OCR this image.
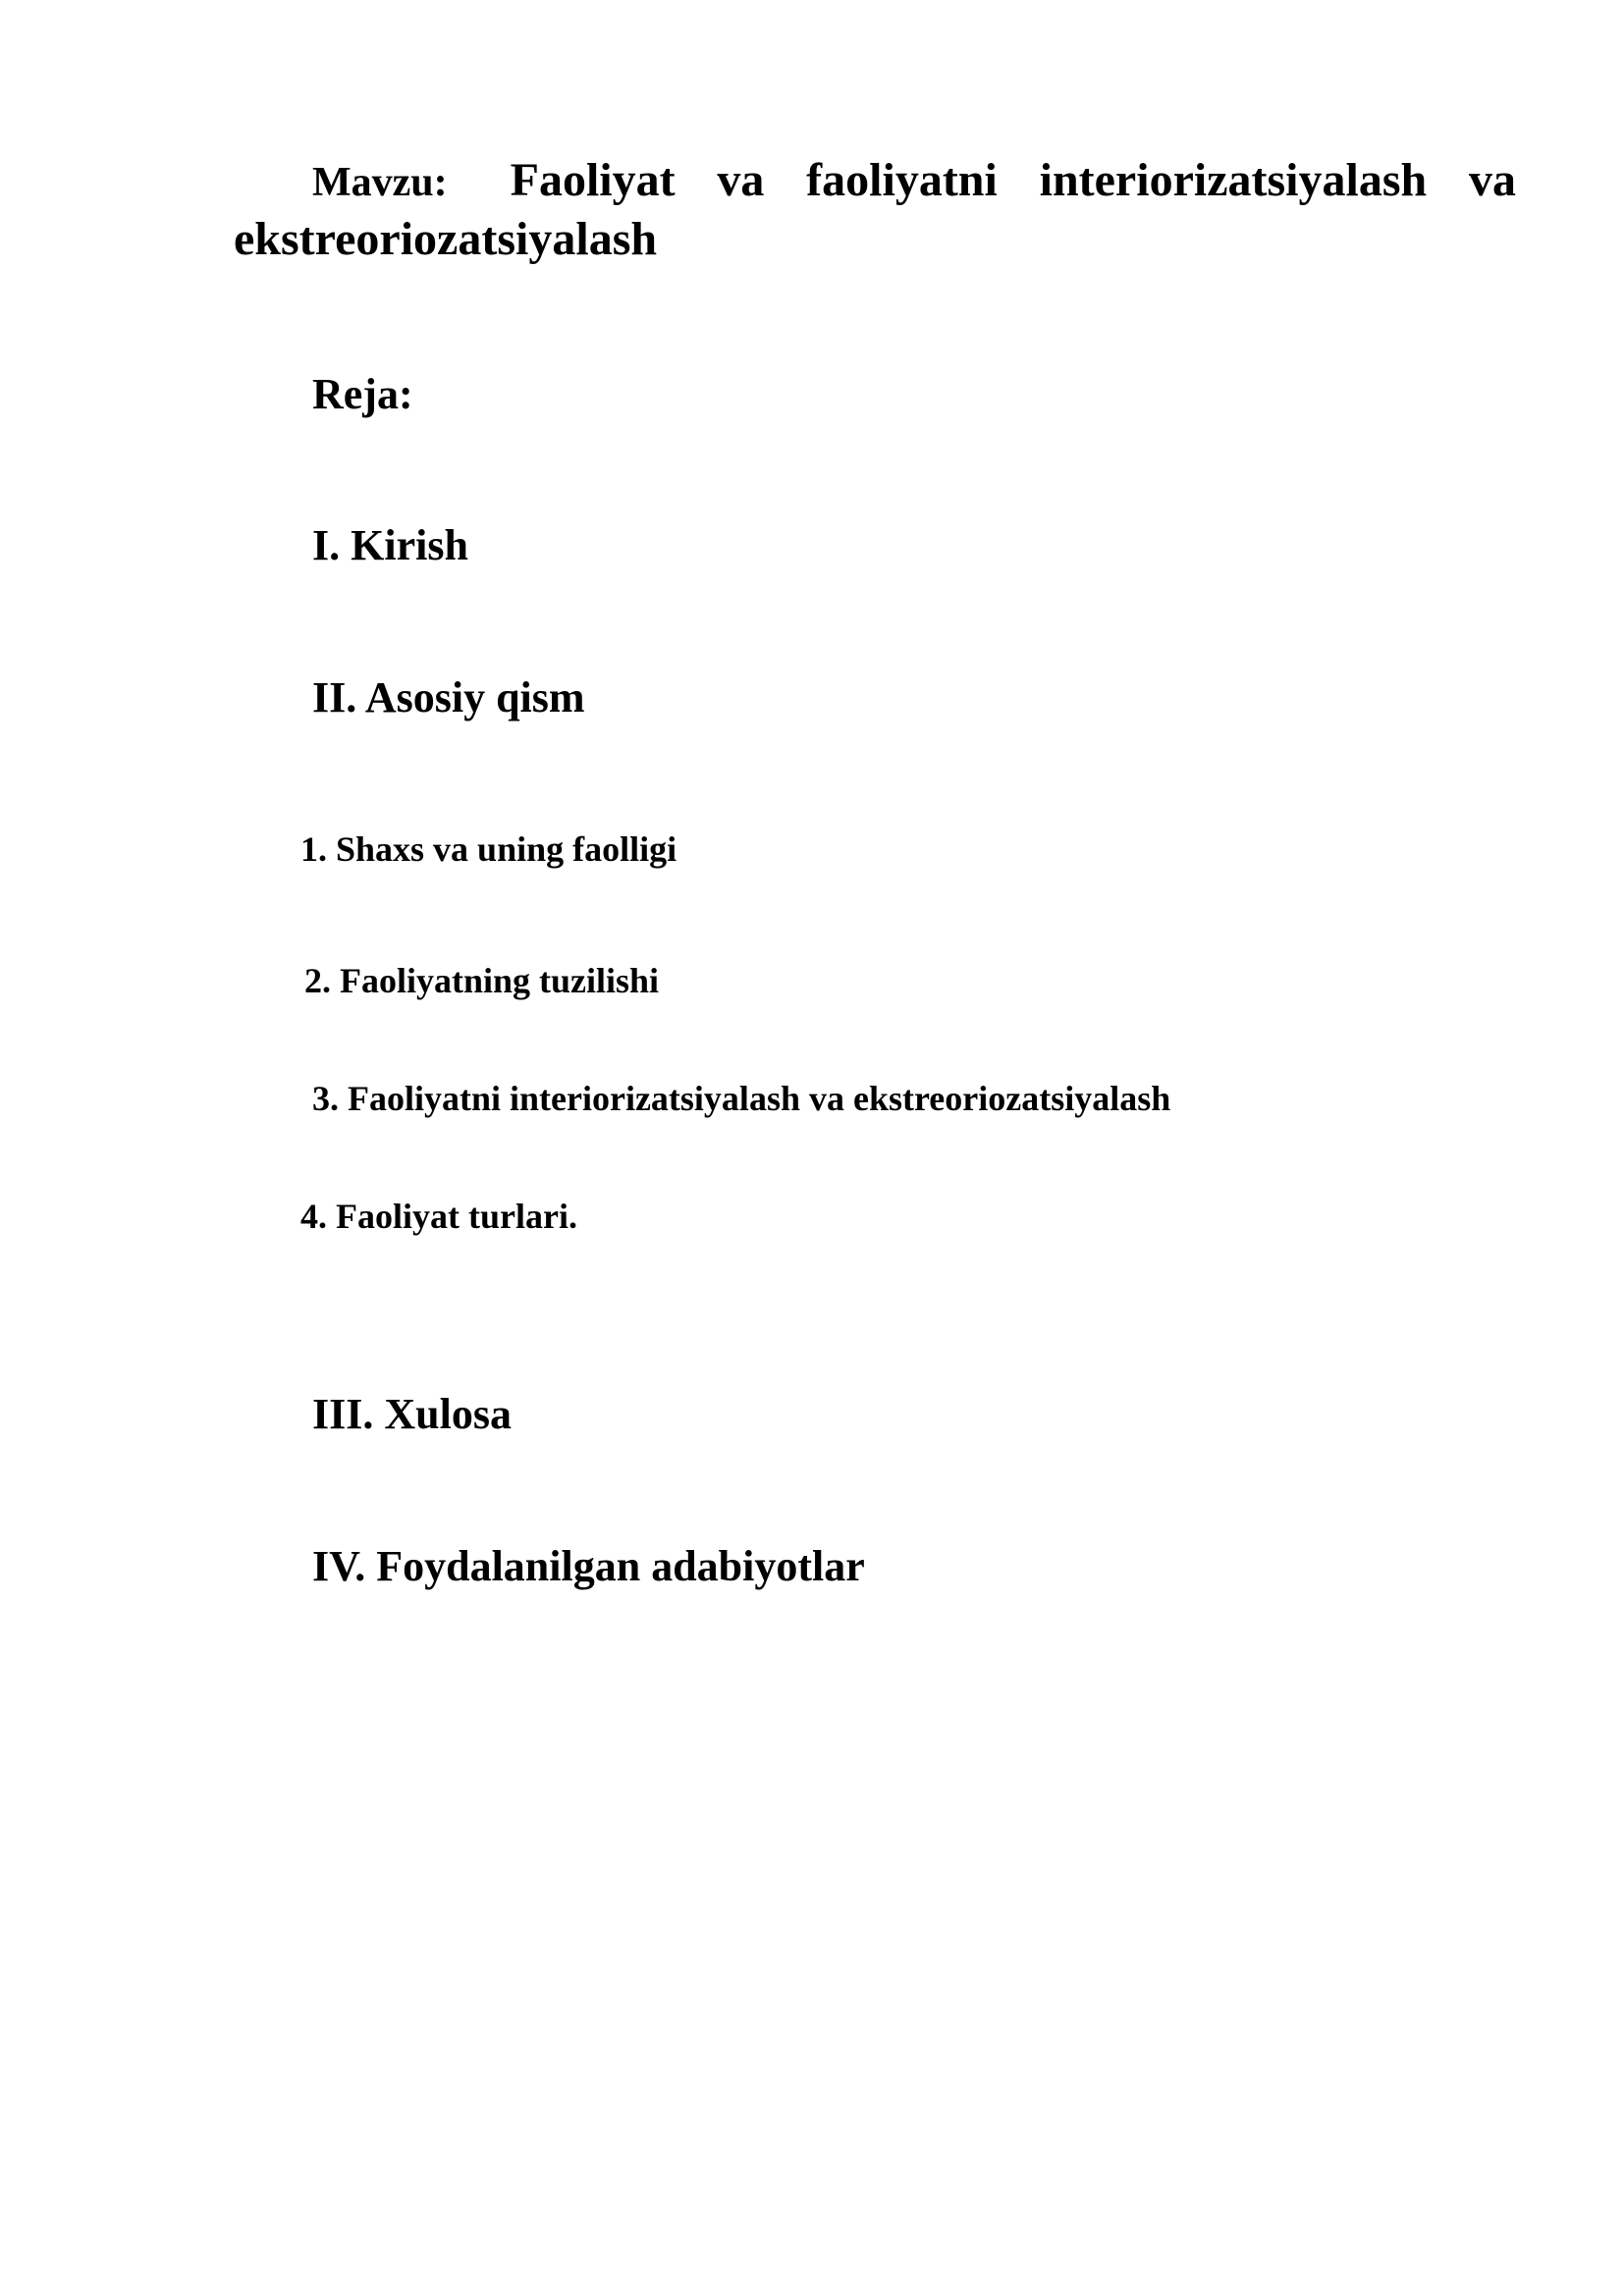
Mavzu: Faoliyat va faoliyatni interiorizatsiyalash va ekstreoriozatsiyalash

Reja:

I. Kirish

II. Asosiy qism

1. Shaxs va uning faolligi

2. Faoliyatning tuzilishi

3. Faoliyatni interiorizatsiyalash va ekstreoriozatsiyalash

4. Faoliyat turlari.

III. Xulosa

IV. Foydalanilgan adabiyotlar
